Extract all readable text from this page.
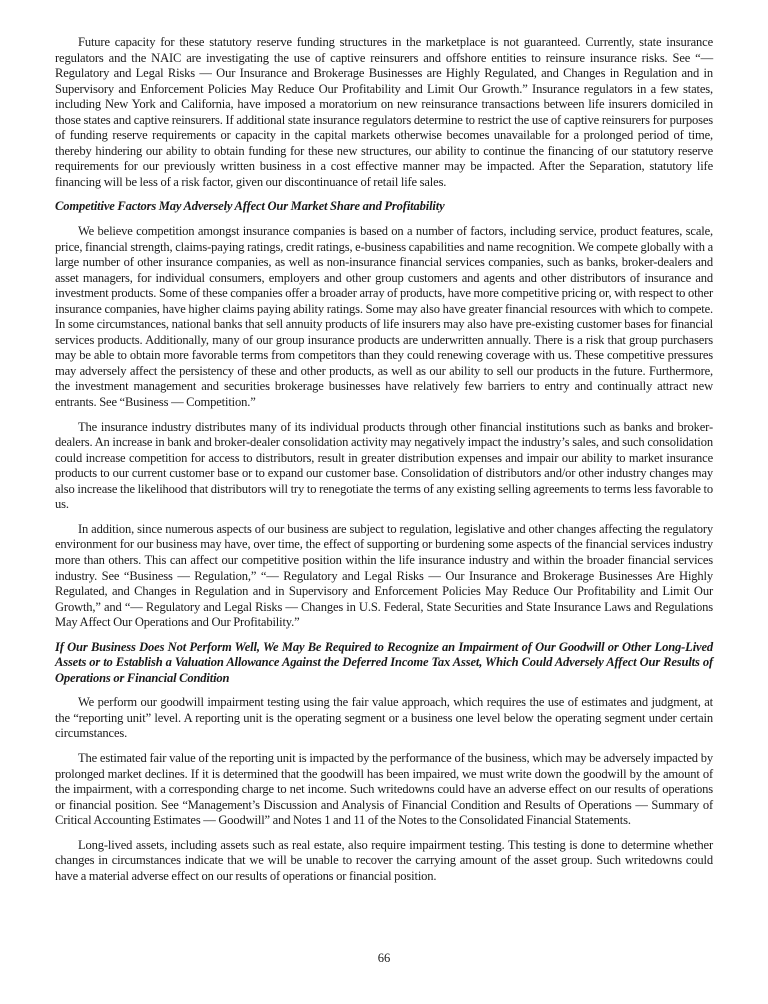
Future capacity for these statutory reserve funding structures in the marketplace is not guaranteed. Currently, state insurance regulators and the NAIC are investigating the use of captive reinsurers and offshore entities to reinsure insurance risks. See “— Regulatory and Legal Risks — Our Insurance and Brokerage Businesses are Highly Regulated, and Changes in Regulation and in Supervisory and Enforcement Policies May Reduce Our Profitability and Limit Our Growth.” Insurance regulators in a few states, including New York and California, have imposed a moratorium on new reinsurance transactions between life insurers domiciled in those states and captive reinsurers. If additional state insurance regulators determine to restrict the use of captive reinsurers for purposes of funding reserve requirements or capacity in the capital markets otherwise becomes unavailable for a prolonged period of time, thereby hindering our ability to obtain funding for these new structures, our ability to continue the financing of our statutory reserve requirements for our previously written business in a cost effective manner may be impacted. After the Separation, statutory life financing will be less of a risk factor, given our discontinuance of retail life sales.

Competitive Factors May Adversely Affect Our Market Share and Profitability

We believe competition amongst insurance companies is based on a number of factors, including service, product features, scale, price, financial strength, claims-paying ratings, credit ratings, e-business capabilities and name recognition. We compete globally with a large number of other insurance companies, as well as non-insurance financial services companies, such as banks, broker-dealers and asset managers, for individual consumers, employers and other group customers and agents and other distributors of insurance and investment products. Some of these companies offer a broader array of products, have more competitive pricing or, with respect to other insurance companies, have higher claims paying ability ratings. Some may also have greater financial resources with which to compete. In some circumstances, national banks that sell annuity products of life insurers may also have pre-existing customer bases for financial services products. Additionally, many of our group insurance products are underwritten annually. There is a risk that group purchasers may be able to obtain more favorable terms from competitors than they could renewing coverage with us. These competitive pressures may adversely affect the persistency of these and other products, as well as our ability to sell our products in the future. Furthermore, the investment management and securities brokerage businesses have relatively few barriers to entry and continually attract new entrants. See “Business — Competition.”

The insurance industry distributes many of its individual products through other financial institutions such as banks and broker-dealers. An increase in bank and broker-dealer consolidation activity may negatively impact the industry’s sales, and such consolidation could increase competition for access to distributors, result in greater distribution expenses and impair our ability to market insurance products to our current customer base or to expand our customer base. Consolidation of distributors and/or other industry changes may also increase the likelihood that distributors will try to renegotiate the terms of any existing selling agreements to terms less favorable to us.

In addition, since numerous aspects of our business are subject to regulation, legislative and other changes affecting the regulatory environment for our business may have, over time, the effect of supporting or burdening some aspects of the financial services industry more than others. This can affect our competitive position within the life insurance industry and within the broader financial services industry. See “Business — Regulation,” “— Regulatory and Legal Risks — Our Insurance and Brokerage Businesses Are Highly Regulated, and Changes in Regulation and in Supervisory and Enforcement Policies May Reduce Our Profitability and Limit Our Growth,” and “— Regulatory and Legal Risks — Changes in U.S. Federal, State Securities and State Insurance Laws and Regulations May Affect Our Operations and Our Profitability.”

If Our Business Does Not Perform Well, We May Be Required to Recognize an Impairment of Our Goodwill or Other Long-Lived Assets or to Establish a Valuation Allowance Against the Deferred Income Tax Asset, Which Could Adversely Affect Our Results of Operations or Financial Condition

We perform our goodwill impairment testing using the fair value approach, which requires the use of estimates and judgment, at the “reporting unit” level. A reporting unit is the operating segment or a business one level below the operating segment under certain circumstances.

The estimated fair value of the reporting unit is impacted by the performance of the business, which may be adversely impacted by prolonged market declines. If it is determined that the goodwill has been impaired, we must write down the goodwill by the amount of the impairment, with a corresponding charge to net income. Such writedowns could have an adverse effect on our results of operations or financial position. See “Management’s Discussion and Analysis of Financial Condition and Results of Operations — Summary of Critical Accounting Estimates — Goodwill” and Notes 1 and 11 of the Notes to the Consolidated Financial Statements.

Long-lived assets, including assets such as real estate, also require impairment testing. This testing is done to determine whether changes in circumstances indicate that we will be unable to recover the carrying amount of the asset group. Such writedowns could have a material adverse effect on our results of operations or financial position.

66
